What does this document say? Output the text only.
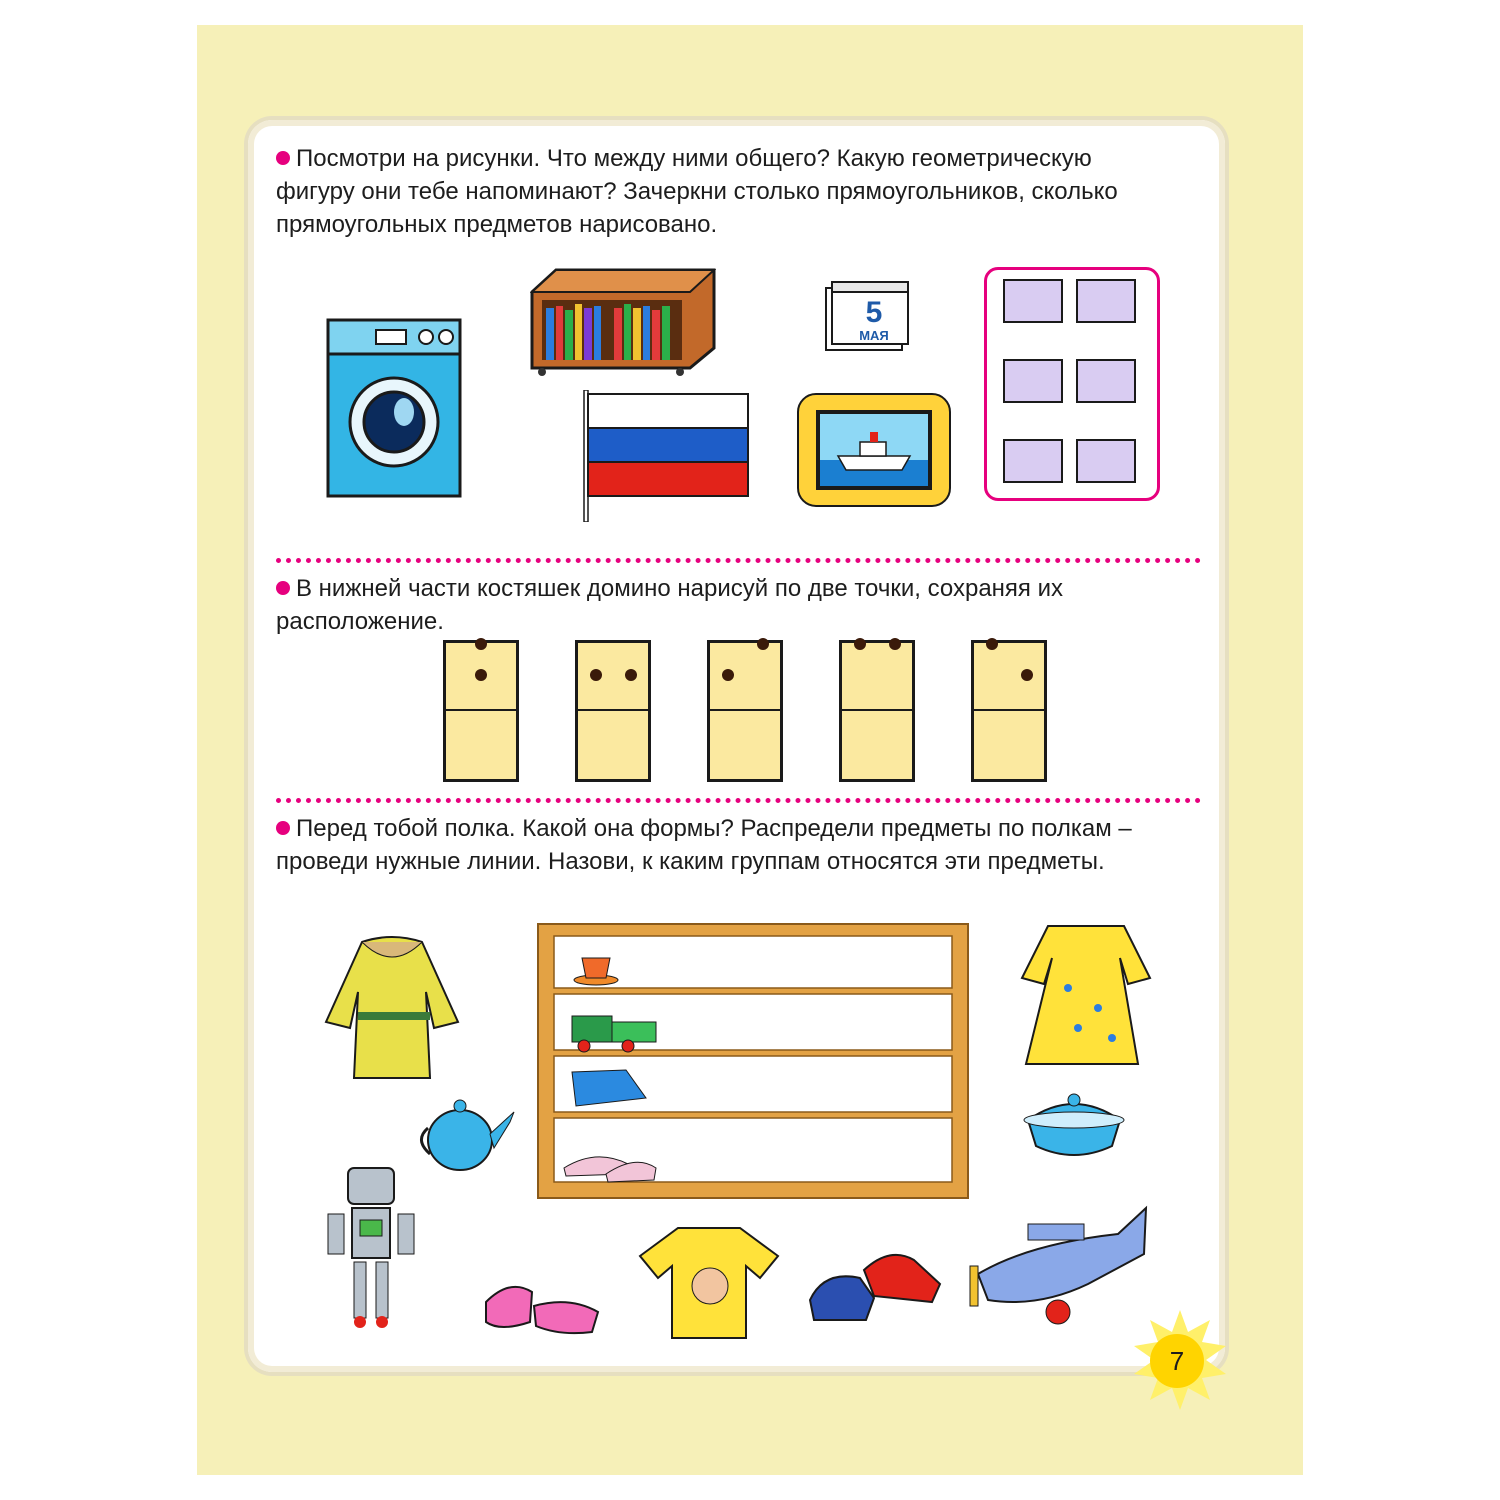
Посмотри на рисунки. Что между ними общего? Какую геометрическую фигуру они тебе напоминают? Зачеркни столько прямоугольников, сколько прямоугольных предметов нарисовано.
5
МАЯ
В нижней части костяшек домино нарисуй по две точки, сохраняя их расположение.
Перед тобой полка. Какой она формы? Распредели предметы по полкам – проведи нужные линии. Назови, к каким группам относятся эти предметы.
7
